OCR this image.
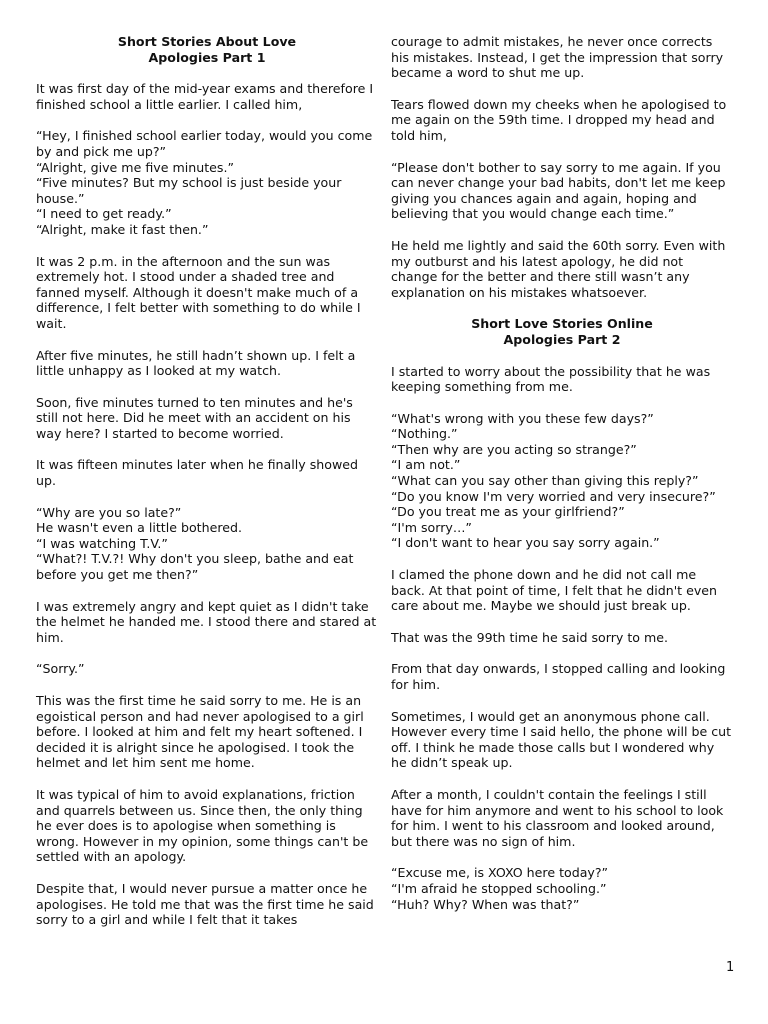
Short Stories About Love
Apologies Part 1

It was first day of the mid-year exams and therefore I finished school a little earlier. I called him,

“Hey, I finished school earlier today, would you come by and pick me up?”
“Alright, give me five minutes.”
“Five minutes? But my school is just beside your house.”
“I need to get ready.”
“Alright, make it fast then.”

It was 2 p.m. in the afternoon and the sun was extremely hot. I stood under a shaded tree and fanned myself. Although it doesn't make much of a difference, I felt better with something to do while I wait.

After five minutes, he still hadn’t shown up. I felt a little unhappy as I looked at my watch.

Soon, five minutes turned to ten minutes and he's still not here. Did he meet with an accident on his way here? I started to become worried.

It was fifteen minutes later when he finally showed up.

“Why are you so late?”
He wasn't even a little bothered.
“I was watching T.V.”
“What?! T.V.?! Why don't you sleep, bathe and eat before you get me then?”

I was extremely angry and kept quiet as I didn't take the helmet he handed me. I stood there and stared at him.

“Sorry.”

This was the first time he said sorry to me. He is an egoistical person and had never apologised to a girl before. I looked at him and felt my heart softened. I decided it is alright since he apologised. I took the helmet and let him sent me home.

It was typical of him to avoid explanations, friction and quarrels between us. Since then, the only thing he ever does is to apologise when something is wrong. However in my opinion, some things can't be settled with an apology.

Despite that, I would never pursue a matter once he apologises. He told me that was the first time he said sorry to a girl and while I felt that it takes

courage to admit mistakes, he never once corrects his mistakes. Instead, I get the impression that sorry became a word to shut me up.

Tears flowed down my cheeks when he apologised to me again on the 59th time. I dropped my head and told him,

“Please don't bother to say sorry to me again. If you can never change your bad habits, don't let me keep giving you chances again and again, hoping and believing that you would change each time.”

He held me lightly and said the 60th sorry. Even with my outburst and his latest apology, he did not change for the better and there still wasn’t any explanation on his mistakes whatsoever.

Short Love Stories Online
Apologies Part 2

I started to worry about the possibility that he was keeping something from me.

“What's wrong with you these few days?”
“Nothing.”
“Then why are you acting so strange?”
“I am not.”
“What can you say other than giving this reply?”
“Do you know I'm very worried and very insecure?”
“Do you treat me as your girlfriend?”
“I'm sorry…”
“I don't want to hear you say sorry again.”

I clamed the phone down and he did not call me back. At that point of time, I felt that he didn't even care about me. Maybe we should just break up.

That was the 99th time he said sorry to me.

From that day onwards, I stopped calling and looking for him.

Sometimes, I would get an anonymous phone call. However every time I said hello, the phone will be cut off. I think he made those calls but I wondered why he didn’t speak up.

After a month, I couldn't contain the feelings I still have for him anymore and went to his school to look for him. I went to his classroom and looked around, but there was no sign of him.

“Excuse me, is XOXO here today?”
“I'm afraid he stopped schooling.”
“Huh? Why? When was that?”

1
